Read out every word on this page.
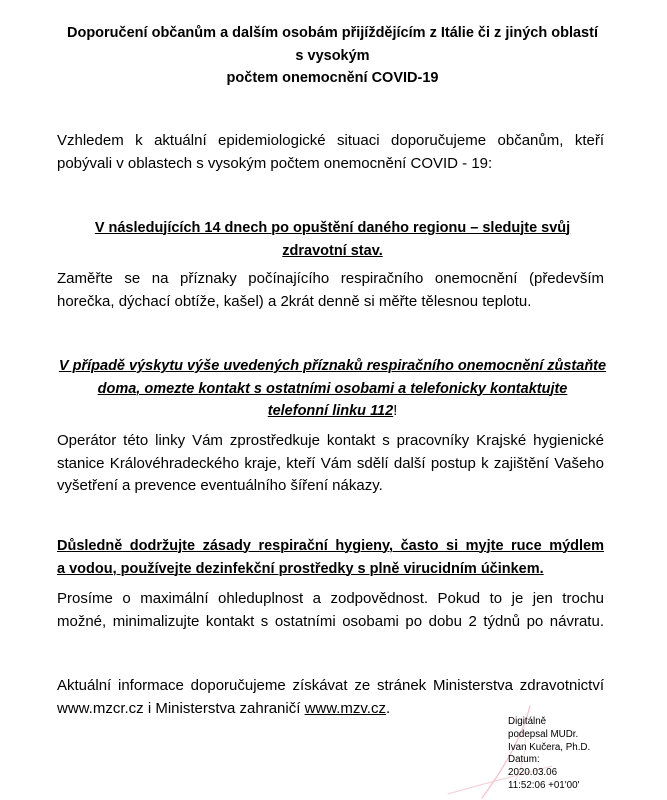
Doporučení občanům a dalším osobám přijíždějícím z Itálie či z jiných oblastí
s vysokým
počtem onemocnění COVID-19
Vzhledem k aktuální epidemiologické situaci doporučujeme občanům, kteří
pobývali v oblastech s vysokým počtem onemocnění COVID - 19:
V následujících 14 dnech po opuštění daného regionu – sledujte svůj
zdravotní stav.
Zaměřte se na příznaky počínajícího respiračního onemocnění (především
horečka, dýchací obtíže, kašel) a 2krát denně si měřte tělesnou teplotu.
V případě výskytu výše uvedených příznaků respiračního onemocnění zůstaňte
doma, omezte kontakt s ostatními osobami a telefonicky kontaktujte
telefonní linku 112!
Operátor této linky Vám zprostředkuje kontakt s pracovníky Krajské hygienické
stanice Královéhradeckého kraje, kteří Vám sdělí další postup k zajištění Vašeho
vyšetření a prevence eventuálního šíření nákazy.
Důsledně dodržujte zásady respirační hygieny, často si myjte ruce mýdlem
a vodou, používejte dezinfekční prostředky s plně virucidním účinkem.
Prosíme o maximální ohleduplnost a zodpovědnost. Pokud to je jen trochu
možné, minimalizujte kontakt s ostatními osobami po dobu 2 týdnů po návratu.
Aktuální informace doporučujeme získávat ze stránek Ministerstva zdravotnictví
www.mzcr.cz i Ministerstva zahraničí www.mzv.cz.
Digitálně
podepsal MUDr.
Ivan Kučera, Ph.D.
Datum:
2020.03.06
11:52:06 +01'00'
